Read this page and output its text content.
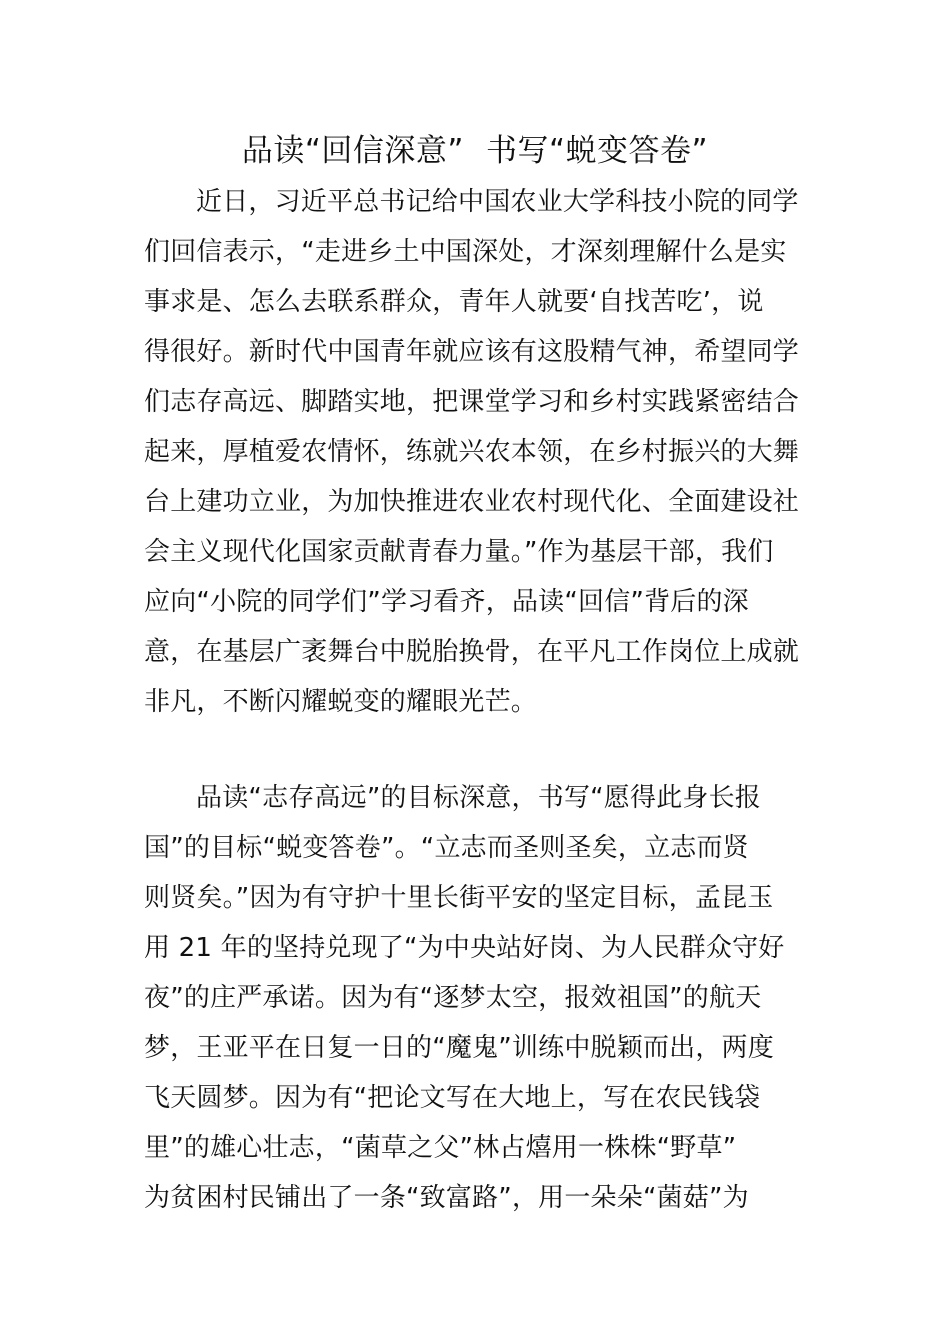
品读“回信深意” 书写“蜕变答卷”
近日，习近平总书记给中国农业大学科技小院的同学
们回信表示，“走进乡土中国深处，才深刻理解什么是实
事求是、怎么去联系群众，青年人就要‘自找苦吃’，说
得很好。新时代中国青年就应该有这股精气神，希望同学
们志存高远、脚踏实地，把课堂学习和乡村实践紧密结合
起来，厚植爱农情怀，练就兴农本领，在乡村振兴的大舞
台上建功立业，为加快推进农业农村现代化、全面建设社
会主义现代化国家贡献青春力量。”作为基层干部，我们
应向“小院的同学们”学习看齐，品读“回信”背后的深
意，在基层广袤舞台中脱胎换骨，在平凡工作岗位上成就
非凡，不断闪耀蜕变的耀眼光芒。
品读“志存高远”的目标深意，书写“愿得此身长报
国”的目标“蜕变答卷”。“立志而圣则圣矣，立志而贤
则贤矣。”因为有守护十里长街平安的坚定目标，孟昆玉
用 21 年的坚持兑现了“为中央站好岗、为人民群众守好
夜”的庄严承诺。因为有“逐梦太空，报效祖国”的航天
梦，王亚平在日复一日的“魔鬼”训练中脱颖而出，两度
飞天圆梦。因为有“把论文写在大地上，写在农民钱袋
里”的雄心壮志，“菌草之父”林占熺用一株株“野草”
为贫困村民铺出了一条“致富路”，用一朵朵“菌菇”为
